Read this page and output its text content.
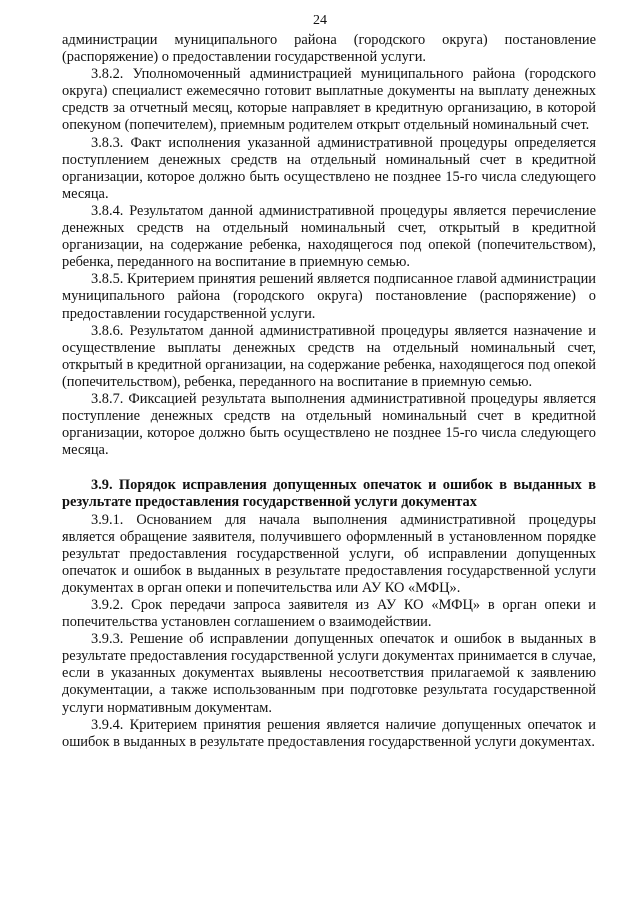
24

администрации муниципального района (городского округа) постановление (распоряжение) о предоставлении государственной услуги.

3.8.2. Уполномоченный администрацией муниципального района (городского округа) специалист ежемесячно готовит выплатные документы на выплату денежных средств за отчетный месяц, которые направляет в кредитную организацию, в которой опекуном (попечителем), приемным родителем открыт отдельный номинальный счет.

3.8.3. Факт исполнения указанной административной процедуры определяется поступлением денежных средств на отдельный номинальный счет в кредитной организации, которое должно быть осуществлено не позднее 15-го числа следующего месяца.

3.8.4. Результатом данной административной процедуры является перечисление денежных средств на отдельный номинальный счет, открытый в кредитной организации, на содержание ребенка, находящегося под опекой (попечительством), ребенка, переданного на воспитание в приемную семью.

3.8.5. Критерием принятия решений является подписанное главой администрации муниципального района (городского округа) постановление (распоряжение) о предоставлении государственной услуги.

3.8.6. Результатом данной административной процедуры является назначение и осуществление выплаты денежных средств на отдельный номинальный счет, открытый в кредитной организации, на содержание ребенка, находящегося под опекой (попечительством), ребенка, переданного на воспитание в приемную семью.

3.8.7. Фиксацией результата выполнения административной процедуры является поступление денежных средств на отдельный номинальный счет в кредитной организации, которое должно быть осуществлено не позднее 15-го числа следующего месяца.

3.9. Порядок исправления допущенных опечаток и ошибок в выданных в результате предоставления государственной услуги документах

3.9.1. Основанием для начала выполнения административной процедуры является обращение заявителя, получившего оформленный в установленном порядке результат предоставления государственной услуги, об исправлении допущенных опечаток и ошибок в выданных в результате предоставления государственной услуги документах в орган опеки и попечительства или АУ КО «МФЦ».

3.9.2. Срок передачи запроса заявителя из АУ КО «МФЦ» в орган опеки и попечительства установлен соглашением о взаимодействии.

3.9.3. Решение об исправлении допущенных опечаток и ошибок в выданных в результате предоставления государственной услуги документах принимается в случае, если в указанных документах выявлены несоответствия прилагаемой к заявлению документации, а также использованным при подготовке результата государственной услуги нормативным документам.

3.9.4. Критерием принятия решения является наличие допущенных опечаток и ошибок в выданных в результате предоставления государственной услуги документах.
